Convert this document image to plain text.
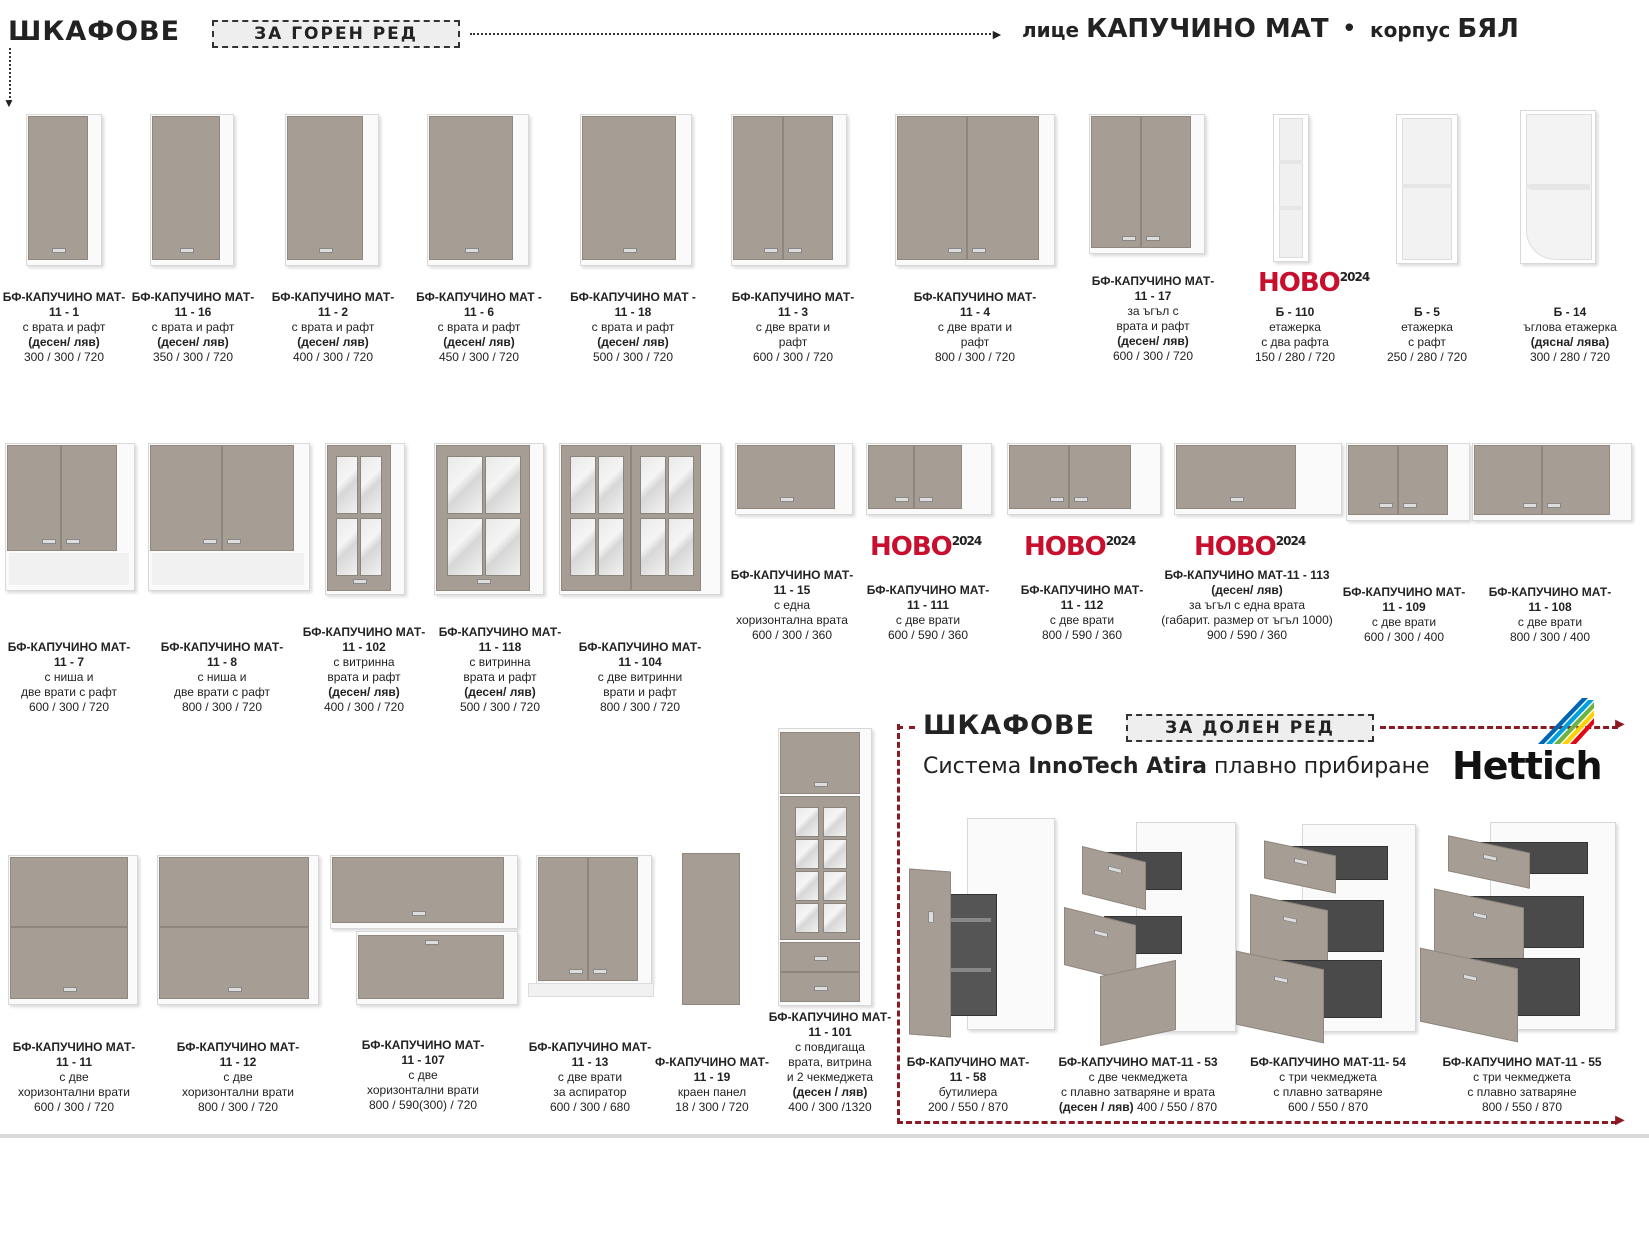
ШКАФОВЕ	ЗА ГОРЕН РЕД	►
▼
лице КАПУЧИНО МАТ • корпус БЯЛ
$НОВО^{2024}$
$НОВО^{2024}$ $НОВО^{2024}$ $НОВО^{2024}$
БФ-КАПУЧИНО МАТ-
11 - 1
с врата и рафт
(десен/ ляв)
300 / 300 / 720
БФ-КАПУЧИНО МАТ-
11 - 16
с врата и рафт
(десен/ ляв)
350 / 300 / 720
БФ-КАПУЧИНО МАТ-
11 - 2
с врата и рафт
(десен/ ляв)
400 / 300 / 720
БФ-КАПУЧИНО МАТ -
11 - 6
с врата и рафт
(десен/ ляв)
450 / 300 / 720
БФ-КАПУЧИНО МАТ -
11 - 18
с врата и рафт
(десен/ ляв)
500 / 300 / 720
БФ-КАПУЧИНО МАТ-
11 - 3
с две врати и
рафт
600 / 300 / 720
БФ-КАПУЧИНО МАТ-
11 - 4
с две врати и
рафт
800 / 300 / 720
БФ-КАПУЧИНО МАТ-
11 - 17
за ъгъл с
врата и рафт
(десен/ ляв)
600 / 300 / 720
Б - 110
етажерка
с два рафта
150 / 280 / 720
Б - 5
етажерка
с рафт
250 / 280 / 720
Б - 14
ъглова етажерка
(дясна/ лява)
300 / 280 / 720
БФ-КАПУЧИНО МАТ-
11 - 7
с ниша и
две врати с рафт
600 / 300 / 720
БФ-КАПУЧИНО МАТ-
11 - 8
с ниша и
две врати с рафт
800 / 300 / 720
БФ-КАПУЧИНО МАТ-
11 - 102
с витринна
врата и рафт
(десен/ ляв)
400 / 300 / 720
БФ-КАПУЧИНО МАТ-
11 - 118
с витринна
врата и рафт
(десен/ ляв)
500 / 300 / 720
БФ-КАПУЧИНО МАТ-
11 - 104
с две витринни
врати и рафт
800 / 300 / 720
БФ-КАПУЧИНО МАТ-
11 - 15
с една
хоризонтална врата
600 / 300 / 360
БФ-КАПУЧИНО МАТ-
11 - 111
с две врати
600 / 590 / 360
БФ-КАПУЧИНО МАТ-
11 - 112
с две врати
800 / 590 / 360
БФ-КАПУЧИНО МАТ-11 - 113
(десен/ ляв)
за ъгъл с една врата
(габарит. размер от ъгъл 1000)
900 / 590 / 360
БФ-КАПУЧИНО МАТ-
11 - 109
с две врати
600 / 300 / 400
БФ-КАПУЧИНО МАТ-
11 - 108
с две врати
800 / 300 / 400
►
►
ШКАФОВЕ	ЗА ДОЛЕН РЕД
Система InnoTech Atira плавно прибиране Hettich
БФ-КАПУЧИНО МАТ-
11 - 11
с две
хоризонтални врати
600 / 300 / 720
БФ-КАПУЧИНО МАТ-
11 - 12
с две
хоризонтални врати
800 / 300 / 720
БФ-КАПУЧИНО МАТ-
11 - 107
с две
хоризонтални врати
800 / 590(300) / 720
БФ-КАПУЧИНО МАТ-
11 - 13
с две врати
за аспиратор
600 / 300 / 680
Ф-КАПУЧИНО МАТ-
11 - 19
краен панел
18 / 300 / 720
БФ-КАПУЧИНО МАТ-
11 - 101
с повдигаща
врата, витрина
и 2 чекмеджета
(десен / ляв)
400 / 300 /1320
БФ-КАПУЧИНО МАТ-
11 - 58
бутилиера
200 / 550 / 870
БФ-КАПУЧИНО МАТ-11 - 53
с две чекмеджета
с плавно затваряне и врата
(десен / ляв) 400 / 550 / 870
БФ-КАПУЧИНО МАТ-11- 54
с три чекмеджета
с плавно затваряне
600 / 550 / 870
БФ-КАПУЧИНО МАТ-11 - 55
с три чекмеджета
с плавно затваряне
800 / 550 / 870
